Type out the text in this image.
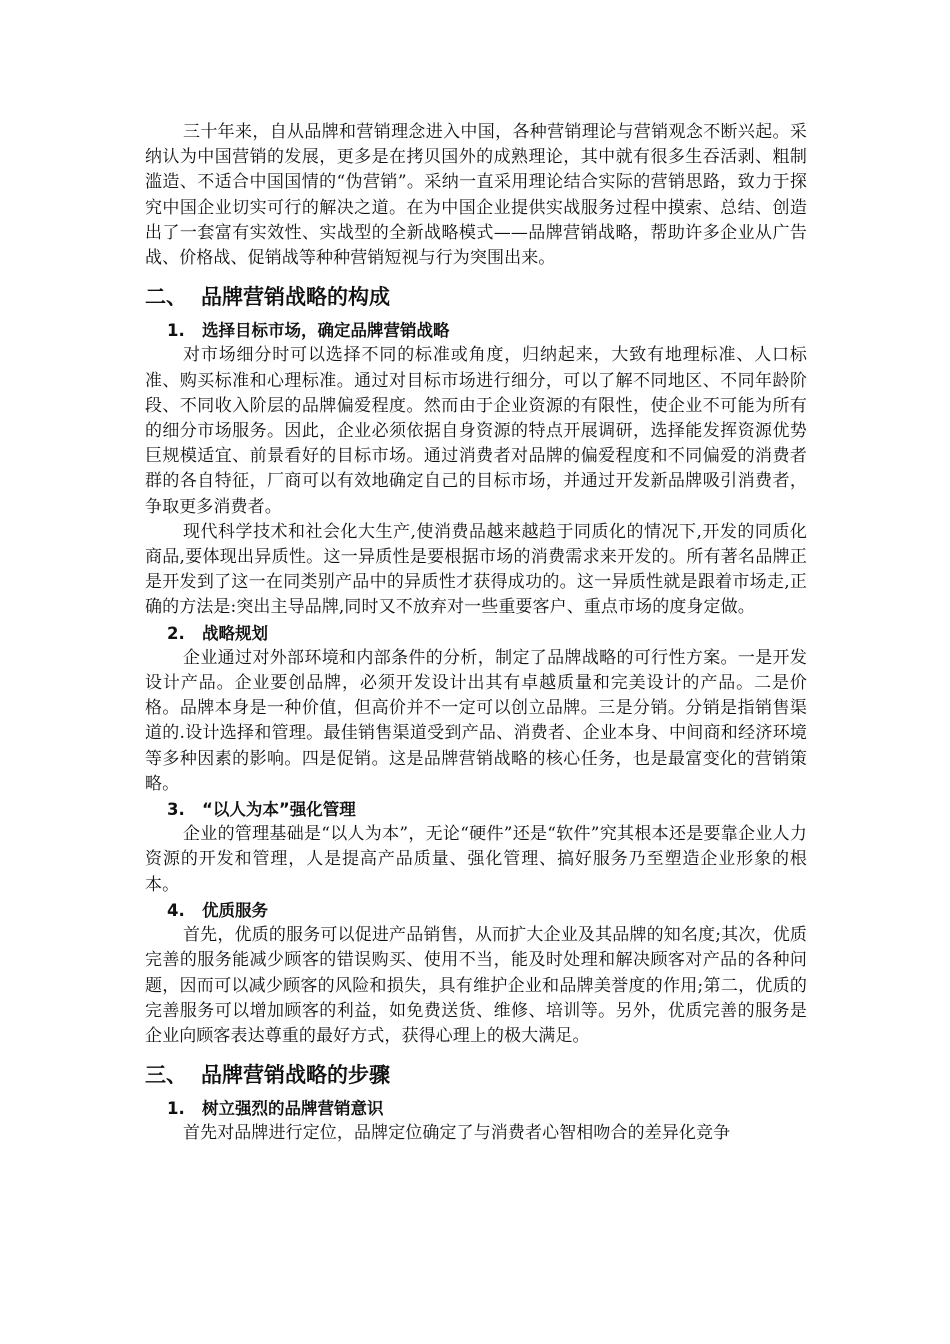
三十年来，自从品牌和营销理念进入中国，各种营销理论与营销观念不断兴起。采纳认为中国营销的发展，更多是在拷贝国外的成熟理论，其中就有很多生吞活剥、粗制滥造、不适合中国国情的“伪营销”。采纳一直采用理论结合实际的营销思路，致力于探究中国企业切实可行的解决之道。在为中国企业提供实战服务过程中摸索、总结、创造出了一套富有实效性、实战型的全新战略模式——品牌营销战略，帮助许多企业从广告战、价格战、促销战等种种营销短视与行为突围出来。

二、 品牌营销战略的构成
1. 选择目标市场，确定品牌营销战略

对市场细分时可以选择不同的标准或角度，归纳起来，大致有地理标准、人口标准、购买标准和心理标准。通过对目标市场进行细分，可以了解不同地区、不同年龄阶段、不同收入阶层的品牌偏爱程度。然而由于企业资源的有限性，使企业不可能为所有的细分市场服务。因此，企业必须依据自身资源的特点开展调研，选择能发挥资源优势巨规模适宜、前景看好的目标市场。通过消费者对品牌的偏爱程度和不同偏爱的消费者群的各自特征，厂商可以有效地确定自己的目标市场，并通过开发新品牌吸引消费者，争取更多消费者。

现代科学技术和社会化大生产,使消费品越来越趋于同质化的情况下,开发的同质化商品,要体现出异质性。这一异质性是要根据市场的消费需求来开发的。所有著名品牌正是开发到了这一在同类别产品中的异质性才获得成功的。这一异质性就是跟着市场走,正确的方法是:突出主导品牌,同时又不放弃对一些重要客户、重点市场的度身定做。

2. 战略规划

企业通过对外部环境和内部条件的分析，制定了品牌战略的可行性方案。一是开发设计产品。企业要创品牌，必须开发设计出其有卓越质量和完美设计的产品。二是价格。品牌本身是一种价值，但高价并不一定可以创立品牌。三是分销。分销是指销售渠道的.设计选择和管理。最佳销售渠道受到产品、消费者、企业本身、中间商和经济环境等多种因素的影响。四是促销。这是品牌营销战略的核心任务，也是最富变化的营销策略。

3. “以人为本”强化管理

企业的管理基础是“以人为本”，无论“硬件”还是“软件”究其根本还是要靠企业人力资源的开发和管理，人是提高产品质量、强化管理、搞好服务乃至塑造企业形象的根本。

4. 优质服务

首先，优质的服务可以促进产品销售，从而扩大企业及其品牌的知名度;其次，优质完善的服务能减少顾客的错误购买、使用不当，能及时处理和解决顾客对产品的各种问题，因而可以减少顾客的风险和损失，具有维护企业和品牌美誉度的作用;第二，优质的完善服务可以增加顾客的利益，如免费送货、维修、培训等。另外，优质完善的服务是企业向顾客表达尊重的最好方式，获得心理上的极大满足。

三、 品牌营销战略的步骤
1. 树立强烈的品牌营销意识

首先对品牌进行定位，品牌定位确定了与消费者心智相吻合的差异化竞争
